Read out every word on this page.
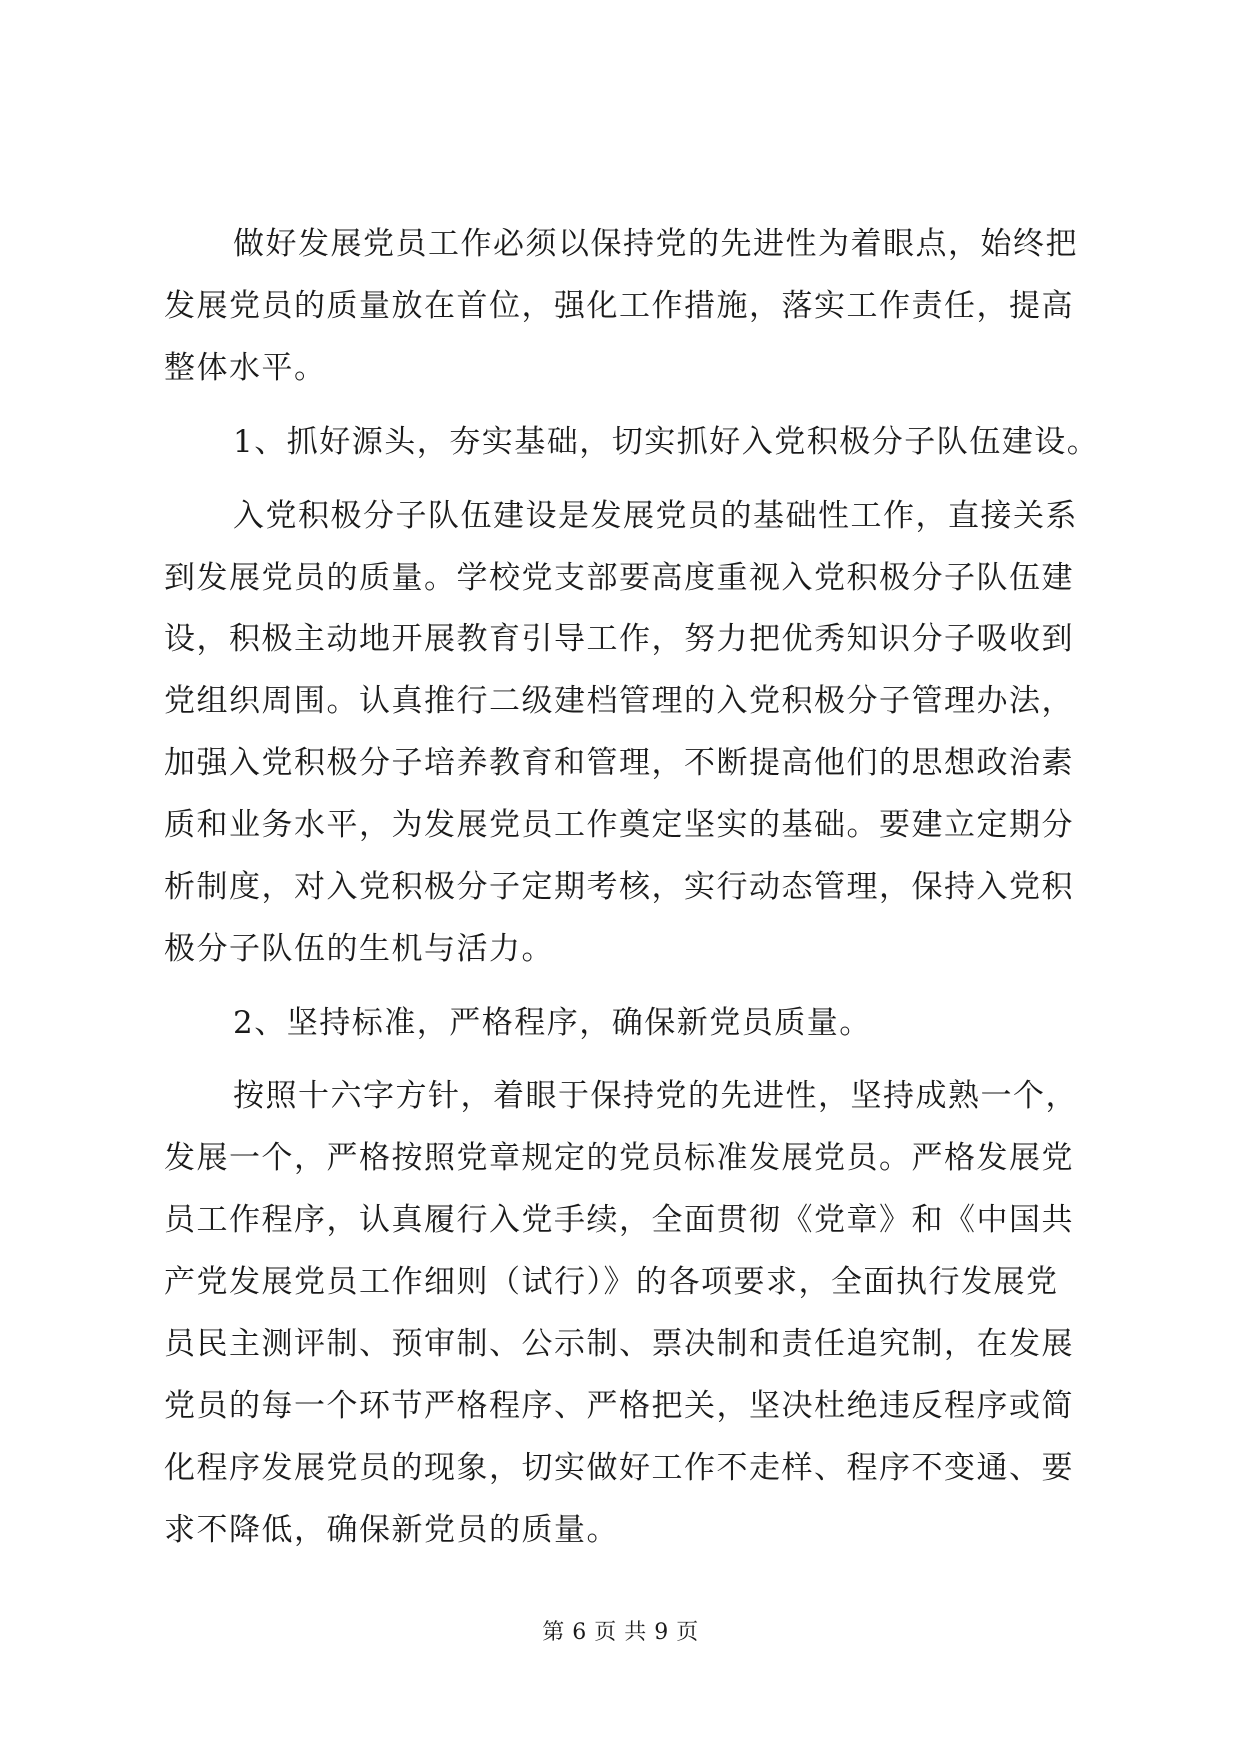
做好发展党员工作必须以保持党的先进性为着眼点，始终把
发展党员的质量放在首位，强化工作措施，落实工作责任，提高
整体水平。
1、抓好源头，夯实基础，切实抓好入党积极分子队伍建设。
入党积极分子队伍建设是发展党员的基础性工作，直接关系
到发展党员的质量。学校党支部要高度重视入党积极分子队伍建
设，积极主动地开展教育引导工作，努力把优秀知识分子吸收到
党组织周围。认真推行二级建档管理的入党积极分子管理办法，
加强入党积极分子培养教育和管理，不断提高他们的思想政治素
质和业务水平，为发展党员工作奠定坚实的基础。要建立定期分
析制度，对入党积极分子定期考核，实行动态管理，保持入党积
极分子队伍的生机与活力。
2、坚持标准，严格程序，确保新党员质量。
按照十六字方针，着眼于保持党的先进性，坚持成熟一个，
发展一个，严格按照党章规定的党员标准发展党员。严格发展党
员工作程序，认真履行入党手续，全面贯彻《党章》和《中国共
产党发展党员工作细则（试行）》的各项要求，全面执行发展党
员民主测评制、预审制、公示制、票决制和责任追究制，在发展
党员的每一个环节严格程序、严格把关，坚决杜绝违反程序或简
化程序发展党员的现象，切实做好工作不走样、程序不变通、要
求不降低，确保新党员的质量。
第 6 页 共 9 页
